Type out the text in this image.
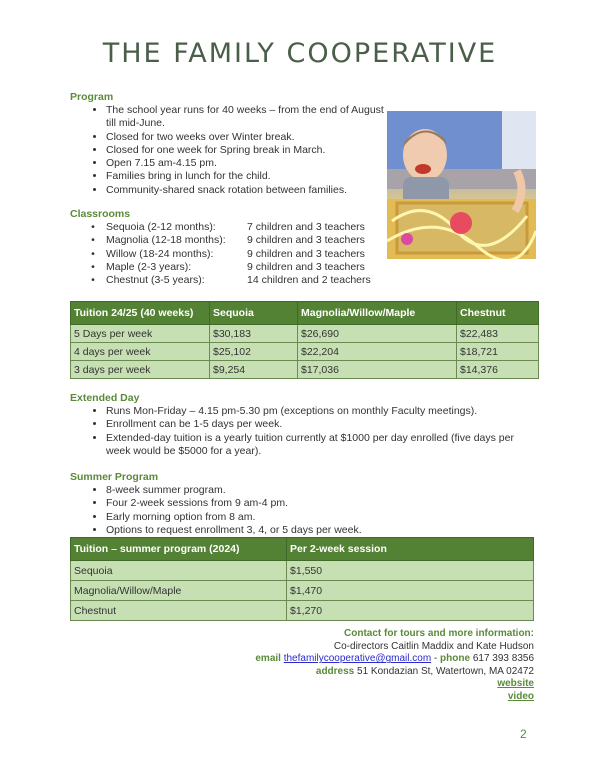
THE FAMILY COOPERATIVE
Program
• The school year runs for 40 weeks – from the end of August till mid-June.
• Closed for two weeks over Winter break.
• Closed for one week for Spring break in March.
• Open 7.15 am-4.15 pm.
• Families bring in lunch for the child.
• Community-shared snack rotation between families.
Classrooms
•	Sequoia (2-12 months):	7 children and 3 teachers
•	Magnolia (12-18 months):	9 children and 3 teachers
•	Willow (18-24 months):	9 children and 3 teachers
•	Maple (2-3 years):	9 children and 3 teachers
•	Chestnut (3-5 years):	14 children and 2 teachers
Tuition 24/25 (40 weeks)	Sequoia	Magnolia/Willow/Maple	Chestnut
5 Days per week	$30,183	$26,690	$22,483
4 days per week	$25,102	$22,204	$18,721
3 days per week	$9,254	$17,036	$14,376
Extended Day
• Runs Mon-Friday – 4.15 pm-5.30 pm (exceptions on monthly Faculty meetings).
• Enrollment can be 1-5 days per week.
• Extended-day tuition is a yearly tuition currently at $1000 per day enrolled (five days per week would be $5000 for a year).
Summer Program
• 8-week summer program.
• Four 2-week sessions from 9 am-4 pm.
• Early morning option from 8 am.
• Options to request enrollment 3, 4, or 5 days per week.
Tuition – summer program (2024)	Per 2-week session
Sequoia	$1,550
Magnolia/Willow/Maple	$1,470
Chestnut	$1,270
Contact for tours and more information:
Co-directors Caitlin Maddix and Kate Hudson
email thefamilycooperative@gmail.com - phone 617 393 8356
address 51 Kondazian St, Watertown, MA 02472
website
video
2
